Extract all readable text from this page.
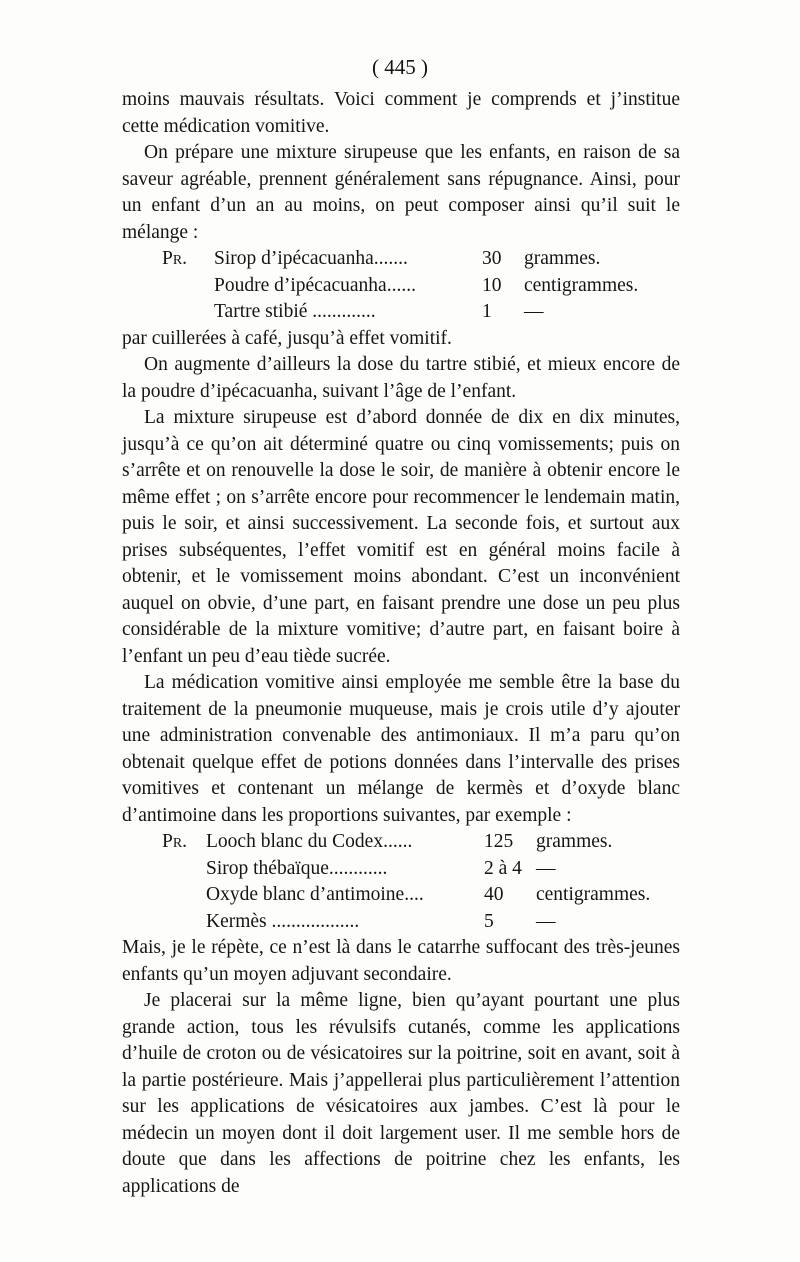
( 445 )

moins mauvais résultats. Voici comment je comprends et j’institue cette médication vomitive.

On prépare une mixture sirupeuse que les enfants, en raison de sa saveur agréable, prennent généralement sans répugnance. Ainsi, pour un enfant d’un an au moins, on peut composer ainsi qu’il suit le mélange :

Pr.	Sirop d’ipécacuanha.......	30	grammes.
Poudre d’ipécacuanha......	10	centigrammes.
Tartre stibié .............	1	—

par cuillerées à café, jusqu’à effet vomitif.

On augmente d’ailleurs la dose du tartre stibié, et mieux encore de la poudre d’ipécacuanha, suivant l’âge de l’enfant.

La mixture sirupeuse est d’abord donnée de dix en dix minutes, jusqu’à ce qu’on ait déterminé quatre ou cinq vomissements; puis on s’arrête et on renouvelle la dose le soir, de manière à obtenir encore le même effet ; on s’arrête encore pour recommencer le lendemain matin, puis le soir, et ainsi successivement. La seconde fois, et surtout aux prises subséquentes, l’effet vomitif est en général moins facile à obtenir, et le vomissement moins abondant. C’est un inconvénient auquel on obvie, d’une part, en faisant prendre une dose un peu plus considérable de la mixture vomitive; d’autre part, en faisant boire à l’enfant un peu d’eau tiède sucrée.

La médication vomitive ainsi employée me semble être la base du traitement de la pneumonie muqueuse, mais je crois utile d’y ajouter une administration convenable des antimoniaux. Il m’a paru qu’on obtenait quelque effet de potions données dans l’intervalle des prises vomitives et contenant un mélange de kermès et d’oxyde blanc d’antimoine dans les proportions suivantes, par exemple :

Pr. Looch blanc du Codex......	125	grammes.
Sirop thébaïque............	2 à 4 —
Oxyde blanc d’antimoine....	40	centigrammes.
Kermès ..................	5	—

Mais, je le répète, ce n’est là dans le catarrhe suffocant des très-jeunes enfants qu’un moyen adjuvant secondaire.

Je placerai sur la même ligne, bien qu’ayant pourtant une plus grande action, tous les révulsifs cutanés, comme les applications d’huile de croton ou de vésicatoires sur la poitrine, soit en avant, soit à la partie postérieure. Mais j’appellerai plus particulièrement l’attention sur les applications de vésicatoires aux jambes. C’est là pour le médecin un moyen dont il doit largement user. Il me semble hors de doute que dans les affections de poitrine chez les enfants, les applications de
